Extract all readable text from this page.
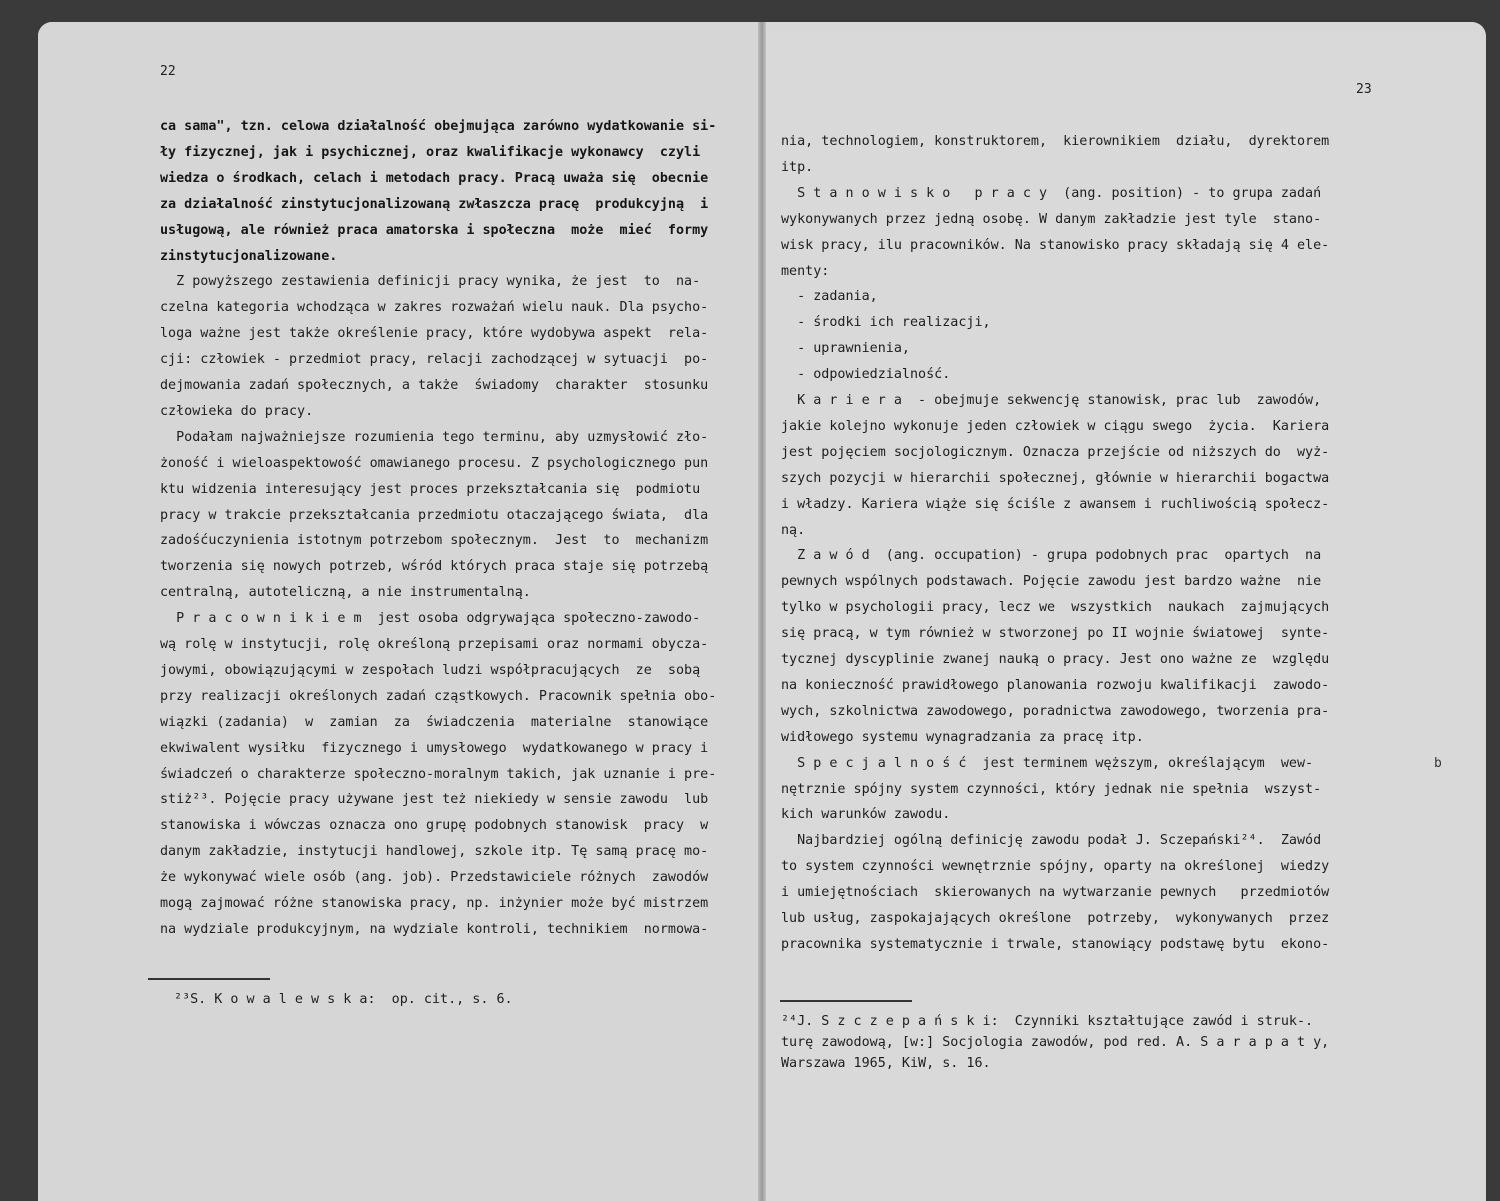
22
ca sama", tzn. celowa działalność obejmująca zarówno wydatkowanie si-
ły fizycznej, jak i psychicznej, oraz kwalifikacje wykonawcy  czyli
wiedza o środkach, celach i metodach pracy. Pracą uważa się  obecnie
za działalność zinstytucjonalizowaną zwłaszcza pracę  produkcyjną  i
usługową, ale również praca amatorska i społeczna  może  mieć  formy
zinstytucjonalizowane.
Z powyższego zestawienia definicji pracy wynika, że jest  to  na-
czelna kategoria wchodząca w zakres rozważań wielu nauk. Dla psycho-
loga ważne jest także określenie pracy, które wydobywa aspekt  rela-
cji: człowiek - przedmiot pracy, relacji zachodzącej w sytuacji  po-
dejmowania zadań społecznych, a także  świadomy  charakter  stosunku
człowieka do pracy.
Podałam najważniejsze rozumienia tego terminu, aby uzmysłowić zło-
żoność i wieloaspektowość omawianego procesu. Z psychologicznego pun
ktu widzenia interesujący jest proces przekształcania się  podmiotu
pracy w trakcie przekształcania przedmiotu otaczającego świata,  dla
zadośćuczynienia istotnym potrzebom społecznym.  Jest  to  mechanizm
tworzenia się nowych potrzeb, wśród których praca staje się potrzebą
centralną, autoteliczną, a nie instrumentalną.
P r a c o w n i k i e m  jest osoba odgrywająca społeczno-zawodo-
wą rolę w instytucji, rolę określoną przepisami oraz normami obycza-
jowymi, obowiązującymi w zespołach ludzi współpracujących  ze  sobą
przy realizacji określonych zadań cząstkowych. Pracownik spełnia obo-
wiązki (zadania)  w  zamian  za  świadczenia  materialne  stanowiące
ekwiwalent wysiłku  fizycznego i umysłowego  wydatkowanego w pracy i
świadczeń o charakterze społeczno-moralnym takich, jak uznanie i pre-
stiż²³. Pojęcie pracy używane jest też niekiedy w sensie zawodu  lub
stanowiska i wówczas oznacza ono grupę podobnych stanowisk  pracy  w
danym zakładzie, instytucji handlowej, szkole itp. Tę samą pracę mo-
że wykonywać wiele osób (ang. job). Przedstawiciele różnych  zawodów
mogą zajmować różne stanowiska pracy, np. inżynier może być mistrzem
na wydziale produkcyjnym, na wydziale kontroli, technikiem  normowa-
²³S. K o w a l e w s k a:  op. cit., s. 6.
23
nia, technologiem, konstruktorem,  kierownikiem  działu,  dyrektorem
itp.
S t a n o w i s k o   p r a c y  (ang. position) - to grupa zadań
wykonywanych przez jedną osobę. W danym zakładzie jest tyle  stano-
wisk pracy, ilu pracowników. Na stanowisko pracy składają się 4 ele-
menty:
- zadania,
- środki ich realizacji,
- uprawnienia,
- odpowiedzialność.
K a r i e r a  - obejmuje sekwencję stanowisk, prac lub  zawodów,
jakie kolejno wykonuje jeden człowiek w ciągu swego  życia.  Kariera
jest pojęciem socjologicznym. Oznacza przejście od niższych do  wyż-
szych pozycji w hierarchii społecznej, głównie w hierarchii bogactwa
i władzy. Kariera wiąże się ściśle z awansem i ruchliwością społecz-
ną.
Z a w ó d  (ang. occupation) - grupa podobnych prac  opartych  na
pewnych wspólnych podstawach. Pojęcie zawodu jest bardzo ważne  nie
tylko w psychologii pracy, lecz we  wszystkich  naukach  zajmujących
się pracą, w tym również w stworzonej po II wojnie światowej  synte-
tycznej dyscyplinie zwanej nauką o pracy. Jest ono ważne ze  względu
na konieczność prawidłowego planowania rozwoju kwalifikacji  zawodo-
wych, szkolnictwa zawodowego, poradnictwa zawodowego, tworzenia pra-
widłowego systemu wynagradzania za pracę itp.
S p e c j a l n o ś ć  jest terminem węższym, określającym  wew-
nętrznie spójny system czynności, który jednak nie spełnia  wszyst-
kich warunków zawodu.
Najbardziej ogólną definicję zawodu podał J. Sczepański²⁴.  Zawód
to system czynności wewnętrznie spójny, oparty na określonej  wiedzy
i umiejętnościach  skierowanych na wytwarzanie pewnych   przedmiotów
lub usług, zaspokajających określone  potrzeby,  wykonywanych  przez
pracownika systematycznie i trwale, stanowiący podstawę bytu  ekono-
²⁴J. S z c z e p a ń s k i:  Czynniki kształtujące zawód i struk-.
turę zawodową, [w:] Socjologia zawodów, pod red. A. S a r a p a t y,
Warszawa 1965, KiW, s. 16.
b
